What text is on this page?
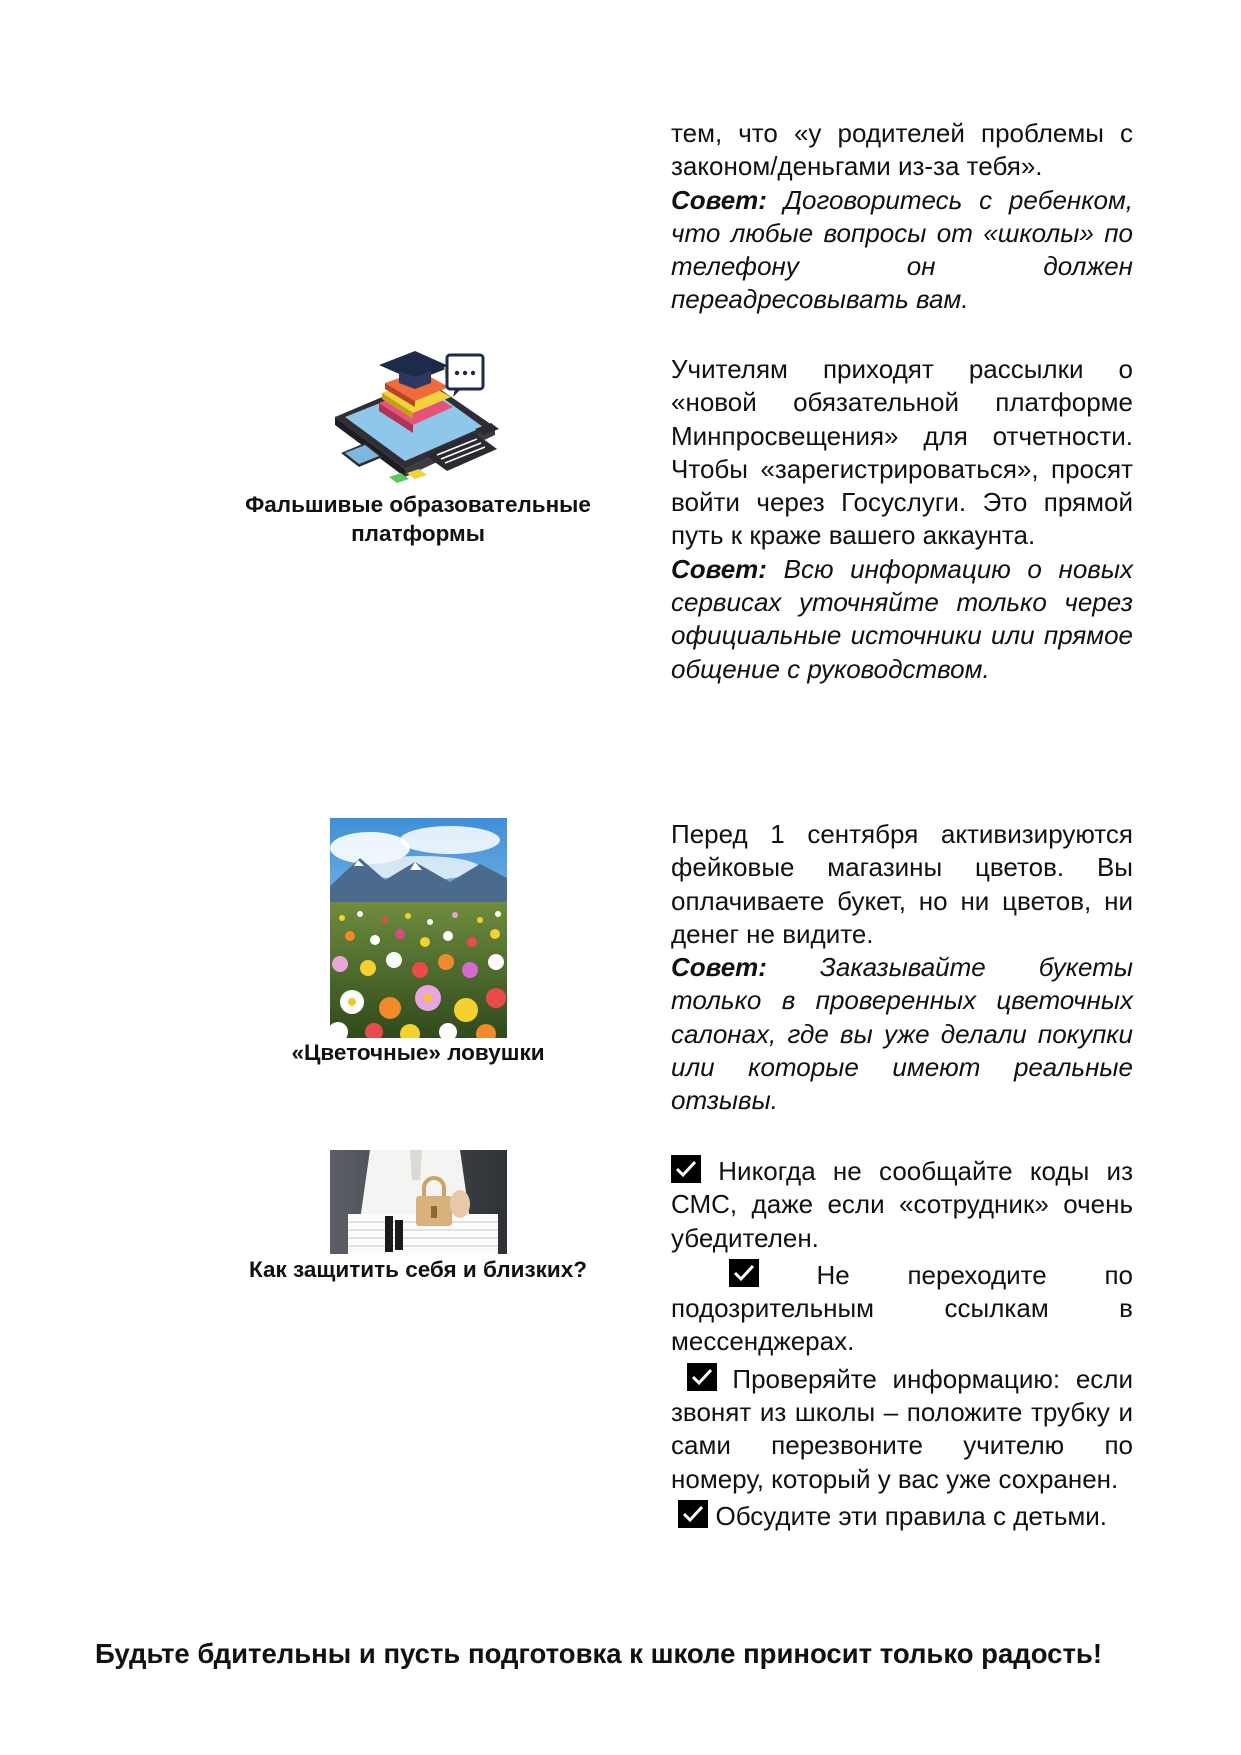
тем, что «у родителей проблемы с законом/деньгами из-за тебя».

Совет: Договоритесь с ребенком, что любые вопросы от «школы» по телефону он должен переадресовывать вам.

Фальшивые образовательные платформы

Учителям приходят рассылки о «новой обязательной платформе Минпросвещения» для отчетности. Чтобы «зарегистрироваться», просят войти через Госуслуги. Это прямой путь к краже вашего аккаунта.

Совет: Всю информацию о новых сервисах уточняйте только через официальные источники или прямое общение с руководством.

«Цветочные» ловушки

Перед 1 сентября активизируются фейковые магазины цветов. Вы оплачиваете букет, но ни цветов, ни денег не видите.

Совет: Заказывайте букеты только в проверенных цветочных салонах, где вы уже делали покупки или которые имеют реальные отзывы.

Как защитить себя и близких?

Никогда не сообщайте коды из СМС, даже если «сотрудник» очень убедителен.

Не переходите по подозрительным ссылкам в мессенджерах.

Проверяйте информацию: если звонят из школы – положите трубку и сами перезвоните учителю по номеру, который у вас уже сохранен.

Обсудите эти правила с детьми.

Будьте бдительны и пусть подготовка к школе приносит только радость!
